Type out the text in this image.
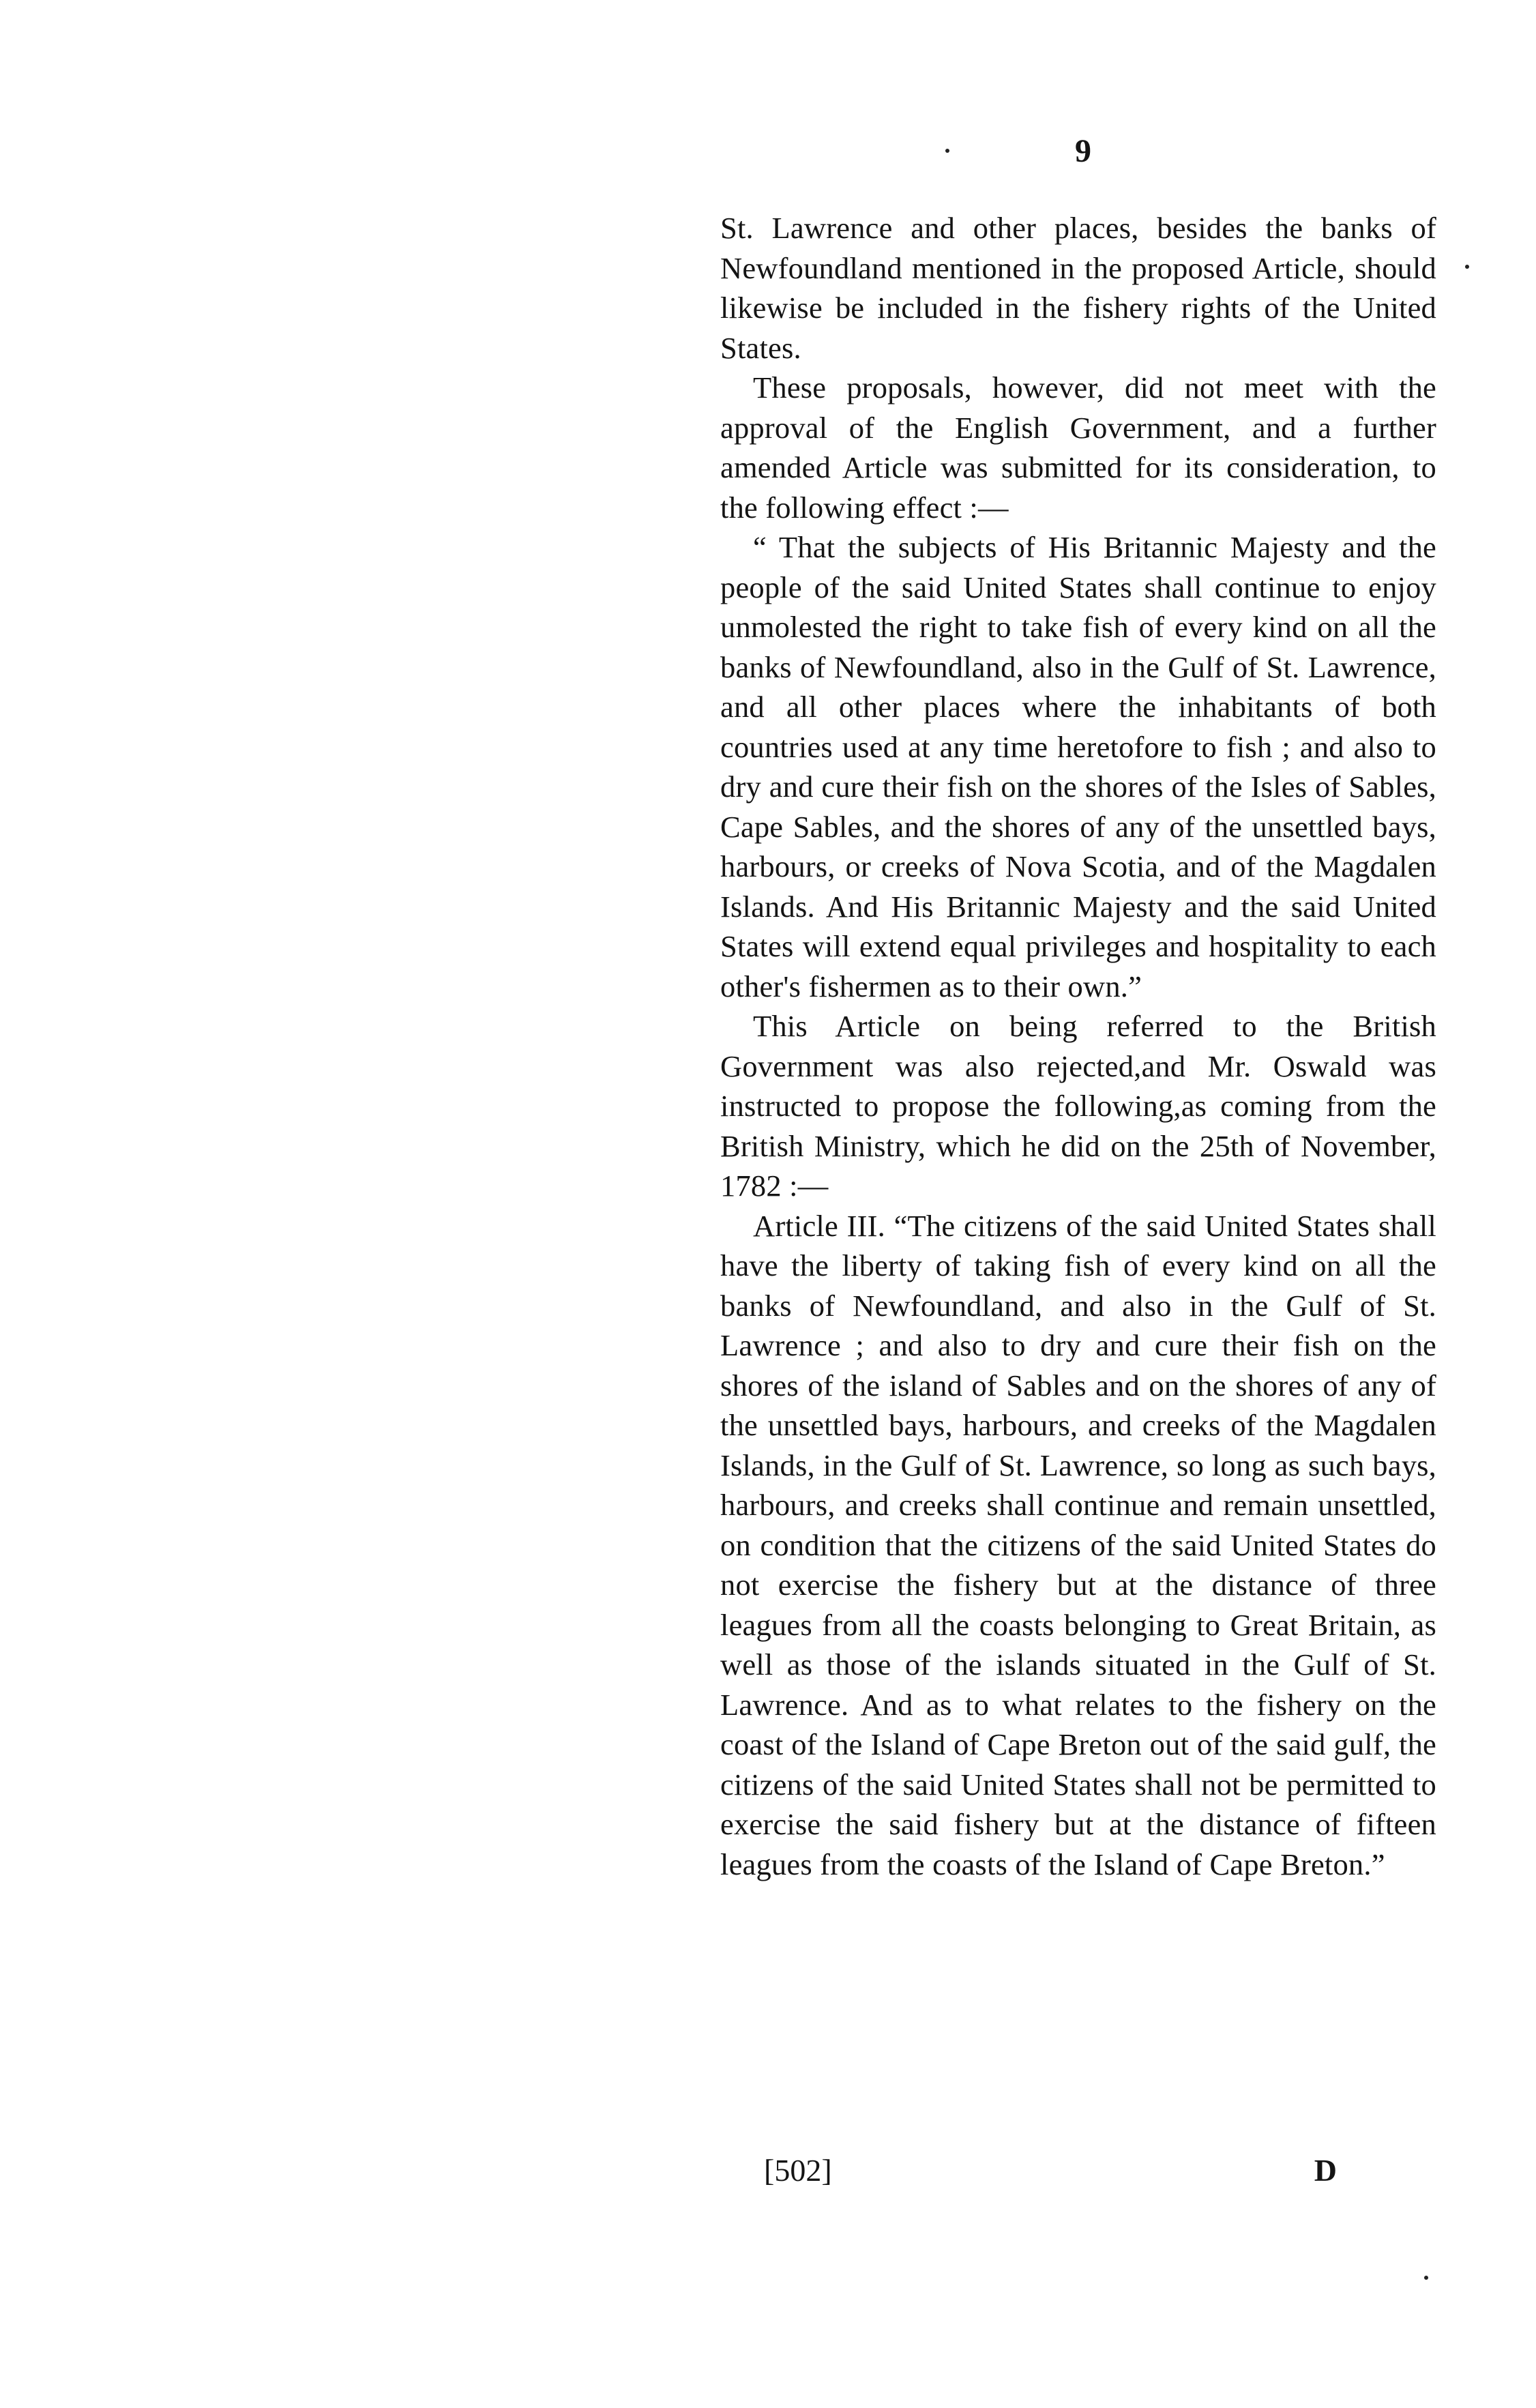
9

St. Lawrence and other places, besides the banks of Newfoundland mentioned in the proposed Article, should likewise be included in the fishery rights of the United States.

These proposals, however, did not meet with the approval of the English Government, and a further amended Article was submitted for its consideration, to the following effect :—

“ That the subjects of His Britannic Majesty and the people of the said United States shall continue to enjoy unmolested the right to take fish of every kind on all the banks of Newfoundland, also in the Gulf of St. Lawrence, and all other places where the inhabitants of both countries used at any time heretofore to fish ; and also to dry and cure their fish on the shores of the Isles of Sables, Cape Sables, and the shores of any of the unsettled bays, harbours, or creeks of Nova Scotia, and of the Magdalen Islands. And His Britannic Majesty and the said United States will extend equal privileges and hospitality to each other's fishermen as to their own.”

This Article on being referred to the British Government was also rejected,and Mr. Oswald was instructed to propose the following,as coming from the British Ministry, which he did on the 25th of November, 1782 :—

Article III. “The citizens of the said United States shall have the liberty of taking fish of every kind on all the banks of Newfoundland, and also in the Gulf of St. Lawrence ; and also to dry and cure their fish on the shores of the island of Sables and on the shores of any of the unsettled bays, harbours, and creeks of the Magdalen Islands, in the Gulf of St. Lawrence, so long as such bays, harbours, and creeks shall continue and remain unsettled, on condition that the citizens of the said United States do not exercise the fishery but at the distance of three leagues from all the coasts belonging to Great Britain, as well as those of the islands situated in the Gulf of St. Lawrence. And as to what relates to the fishery on the coast of the Island of Cape Breton out of the said gulf, the citizens of the said United States shall not be permitted to exercise the said fishery but at the distance of fifteen leagues from the coasts of the Island of Cape Breton.”

[502]	D
